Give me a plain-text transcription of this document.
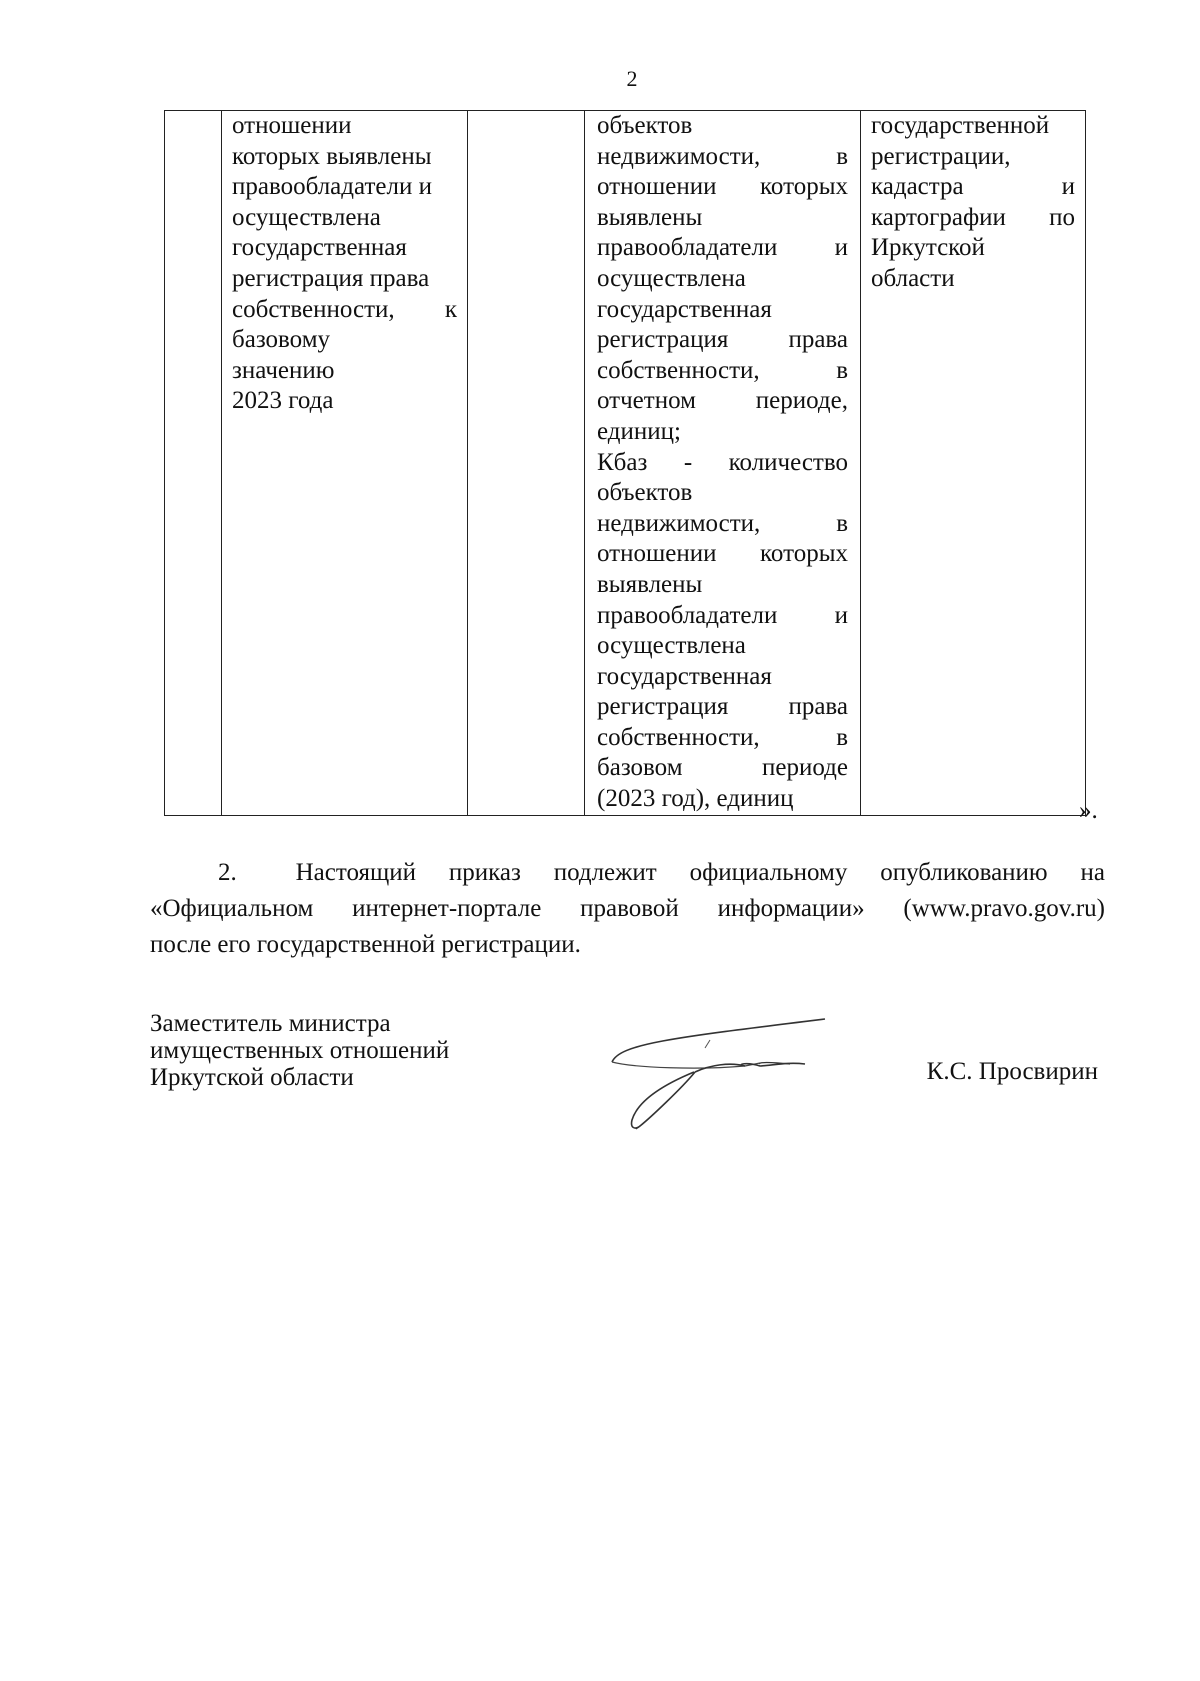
2

отношении
которых выявлены
правообладатели и
осуществлена
государственная
регистрация права
собственности, к
базовому
значению
2023 года

объектов
недвижимости,	в
отношении которых
выявлены
правообладатели и
осуществлена
государственная
регистрация права
собственности,	в
отчетном периоде,
единиц;
Кбаз - количество
объектов
недвижимости,	в
отношении которых
выявлены
правообладатели и
осуществлена
государственная
регистрация права
собственности,	в
базовом	периоде
(2023 год), единиц

государственной
регистрации,
кадастра	и
картографии по
Иркутской
области
».
2. Настоящий приказ подлежит официальному опубликованию на
«Официальном интернет-портале правовой информации» (www.pravo.gov.ru)
после его государственной регистрации.
Заместитель министра
имущественных отношений
Иркутской области	К.С. Просвирин
